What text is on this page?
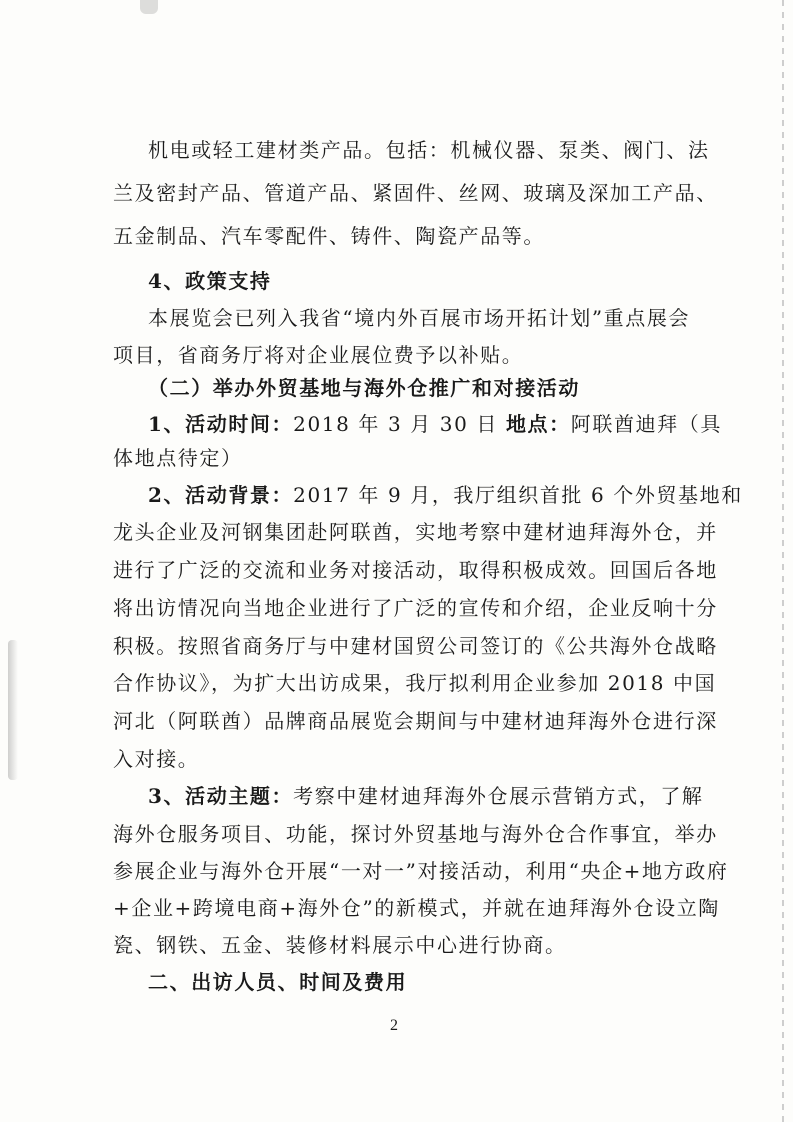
机电或轻工建材类产品。包括：机械仪器、泵类、阀门、法
兰及密封产品、管道产品、紧固件、丝网、玻璃及深加工产品、
五金制品、汽车零配件、铸件、陶瓷产品等。
4、政策支持
本展览会已列入我省“境内外百展市场开拓计划”重点展会
项目，省商务厅将对企业展位费予以补贴。
（二）举办外贸基地与海外仓推广和对接活动
1、活动时间：2018 年 3 月 30 日 地点：阿联酋迪拜（具
体地点待定）
2、活动背景：2017 年 9 月，我厅组织首批 6 个外贸基地和
龙头企业及河钢集团赴阿联酋，实地考察中建材迪拜海外仓，并
进行了广泛的交流和业务对接活动，取得积极成效。回国后各地
将出访情况向当地企业进行了广泛的宣传和介绍，企业反响十分
积极。按照省商务厅与中建材国贸公司签订的《公共海外仓战略
合作协议》，为扩大出访成果，我厅拟利用企业参加 2018 中国
河北（阿联酋）品牌商品展览会期间与中建材迪拜海外仓进行深
入对接。
3、活动主题：考察中建材迪拜海外仓展示营销方式，了解
海外仓服务项目、功能，探讨外贸基地与海外仓合作事宜，举办
参展企业与海外仓开展“一对一”对接活动，利用“央企+地方政府
+企业+跨境电商+海外仓”的新模式，并就在迪拜海外仓设立陶
瓷、钢铁、五金、装修材料展示中心进行协商。
二、出访人员、时间及费用
2
